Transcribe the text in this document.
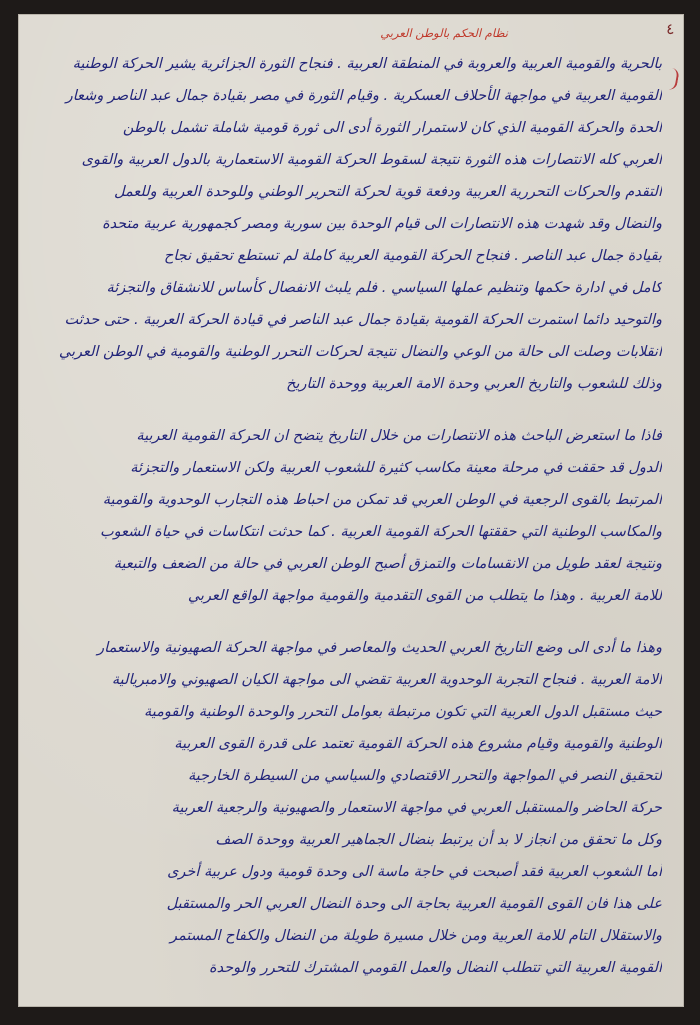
٤
نظام الحكم بالوطن العربي
بالحرية والقومية العربية والعروبة في المنطقة العربية . فنجاح الثورة الجزائرية يشير الحركة الوطنية
القومية العربية في مواجهة الأحلاف العسكرية . وقيام الثورة في مصر بقيادة جمال عبد الناصر وشعار
الحدة والحركة القومية الذي كان لاستمرار الثورة أدى الى ثورة قومية شاملة تشمل بالوطن
العربي كله الانتصارات هذه الثورة نتيجة لسقوط الحركة القومية الاستعمارية بالدول العربية والقوى
التقدم والحركات التحررية العربية ودفعة قوية لحركة التحرير الوطني وللوحدة العربية وللعمل
والنضال وقد شهدت هذه الانتصارات الى قيام الوحدة بين سورية ومصر كجمهورية عربية متحدة
بقيادة جمال عبد الناصر . فنجاح الحركة القومية العربية كاملة لم تستطع تحقيق نجاح
كامل في ادارة حكمها وتنظيم عملها السياسي . فلم يلبث الانفصال كأساس للانشقاق والتجزئة
والتوحيد دائما استمرت الحركة القومية بقيادة جمال عبد الناصر في قيادة الحركة العربية . حتى حدثت
انقلابات وصلت الى حالة من الوعي والنضال نتيجة لحركات التحرر الوطنية والقومية في الوطن العربي
وذلك للشعوب والتاريخ العربي وحدة الامة العربية ووحدة التاريخ
فاذا ما استعرض الباحث هذه الانتصارات من خلال التاريخ يتضح ان الحركة القومية العربية
الدول قد حققت في مرحلة معينة مكاسب كثيرة للشعوب العربية ولكن الاستعمار والتجزئة
المرتبط بالقوى الرجعية في الوطن العربي قد تمكن من احباط هذه التجارب الوحدوية والقومية
والمكاسب الوطنية التي حققتها الحركة القومية العربية . كما حدثت انتكاسات في حياة الشعوب
ونتيجة لعقد طويل من الانقسامات والتمزق أصبح الوطن العربي في حالة من الضعف والتبعية
للامة العربية . وهذا ما يتطلب من القوى التقدمية والقومية مواجهة الواقع العربي
وهذا ما أدى الى وضع التاريخ العربي الحديث والمعاصر في مواجهة الحركة الصهيونية والاستعمار
الامة العربية . فنجاح التجربة الوحدوية العربية تقضي الى مواجهة الكيان الصهيوني والامبريالية
حيث مستقبل الدول العربية التي تكون مرتبطة بعوامل التحرر والوحدة الوطنية والقومية
الوطنية والقومية وقيام مشروع هذه الحركة القومية تعتمد على قدرة القوى العربية
لتحقيق النصر في المواجهة والتحرر الاقتصادي والسياسي من السيطرة الخارجية
حركة الحاضر والمستقبل العربي في مواجهة الاستعمار والصهيونية والرجعية العربية
وكل ما تحقق من انجاز لا بد أن يرتبط بنضال الجماهير العربية ووحدة الصف
أما الشعوب العربية فقد أصبحت في حاجة ماسة الى وحدة قومية ودول عربية أخرى
على هذا فان القوى القومية العربية بحاجة الى وحدة النضال العربي الحر والمستقبل
والاستقلال التام للامة العربية ومن خلال مسيرة طويلة من النضال والكفاح المستمر
القومية العربية التي تتطلب النضال والعمل القومي المشترك للتحرر والوحدة
